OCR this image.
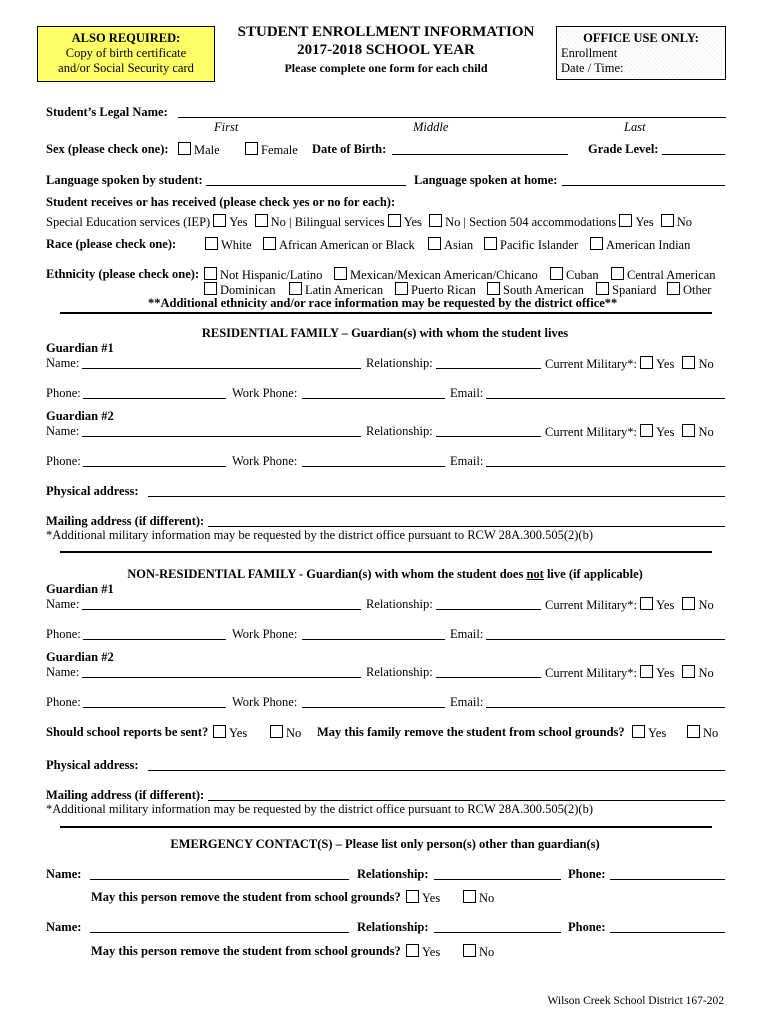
ALSO REQUIRED:
Copy of birth certificate
and/or Social Security card
STUDENT ENROLLMENT INFORMATION
2017-2018 SCHOOL YEAR
Please complete one form for each child
OFFICE USE ONLY:
Enrollment
Date / Time:
Student’s Legal Name:
First	Middle	Last
Sex (please check one):	Male	Female Date of Birth:	Grade Level:
Language spoken by student:	Language spoken at home:
Student receives or has received (please check yes or no for each):
Special Education services (IEP) Yes No | Bilingual services Yes No | Section 504 accommodations Yes No
Race (please check one):	White	African American or Black	Asian	Pacific Islander	American Indian
Ethnicity (please check one):	Not Hispanic/Latino	Mexican/Mexican American/Chicano	Cuban	Central American
Dominican	Latin American	Puerto Rican	South American	Spaniard	Other
**Additional ethnicity and/or race information may be requested by the district office**
RESIDENTIAL FAMILY – Guardian(s) with whom the student lives
Guardian #1
Name:	Relationship:	Current Military*: Yes No
Phone:	Work Phone:	Email:
Guardian #2
Name:	Relationship:	Current Military*: Yes No
Phone:	Work Phone:	Email:
Physical address:
Mailing address (if different):
*Additional military information may be requested by the district office pursuant to RCW 28A.300.505(2)(b)
NON-RESIDENTIAL FAMILY - Guardian(s) with whom the student does not live (if applicable)
Guardian #1
Name:	Relationship:	Current Military*: Yes No
Phone:	Work Phone:	Email:
Guardian #2
Name:	Relationship:	Current Military*: Yes No
Phone:	Work Phone:	Email:
Should school reports be sent?	Yes	No May this family remove the student from school grounds?	Yes	No
Physical address:
Mailing address (if different):
*Additional military information may be requested by the district office pursuant to RCW 28A.300.505(2)(b)
EMERGENCY CONTACT(S) – Please list only person(s) other than guardian(s)
Name:	Relationship:	Phone:
May this person remove the student from school grounds?	Yes	No
Name:	Relationship:	Phone:
May this person remove the student from school grounds?	Yes	No
Wilson Creek School District 167-202
